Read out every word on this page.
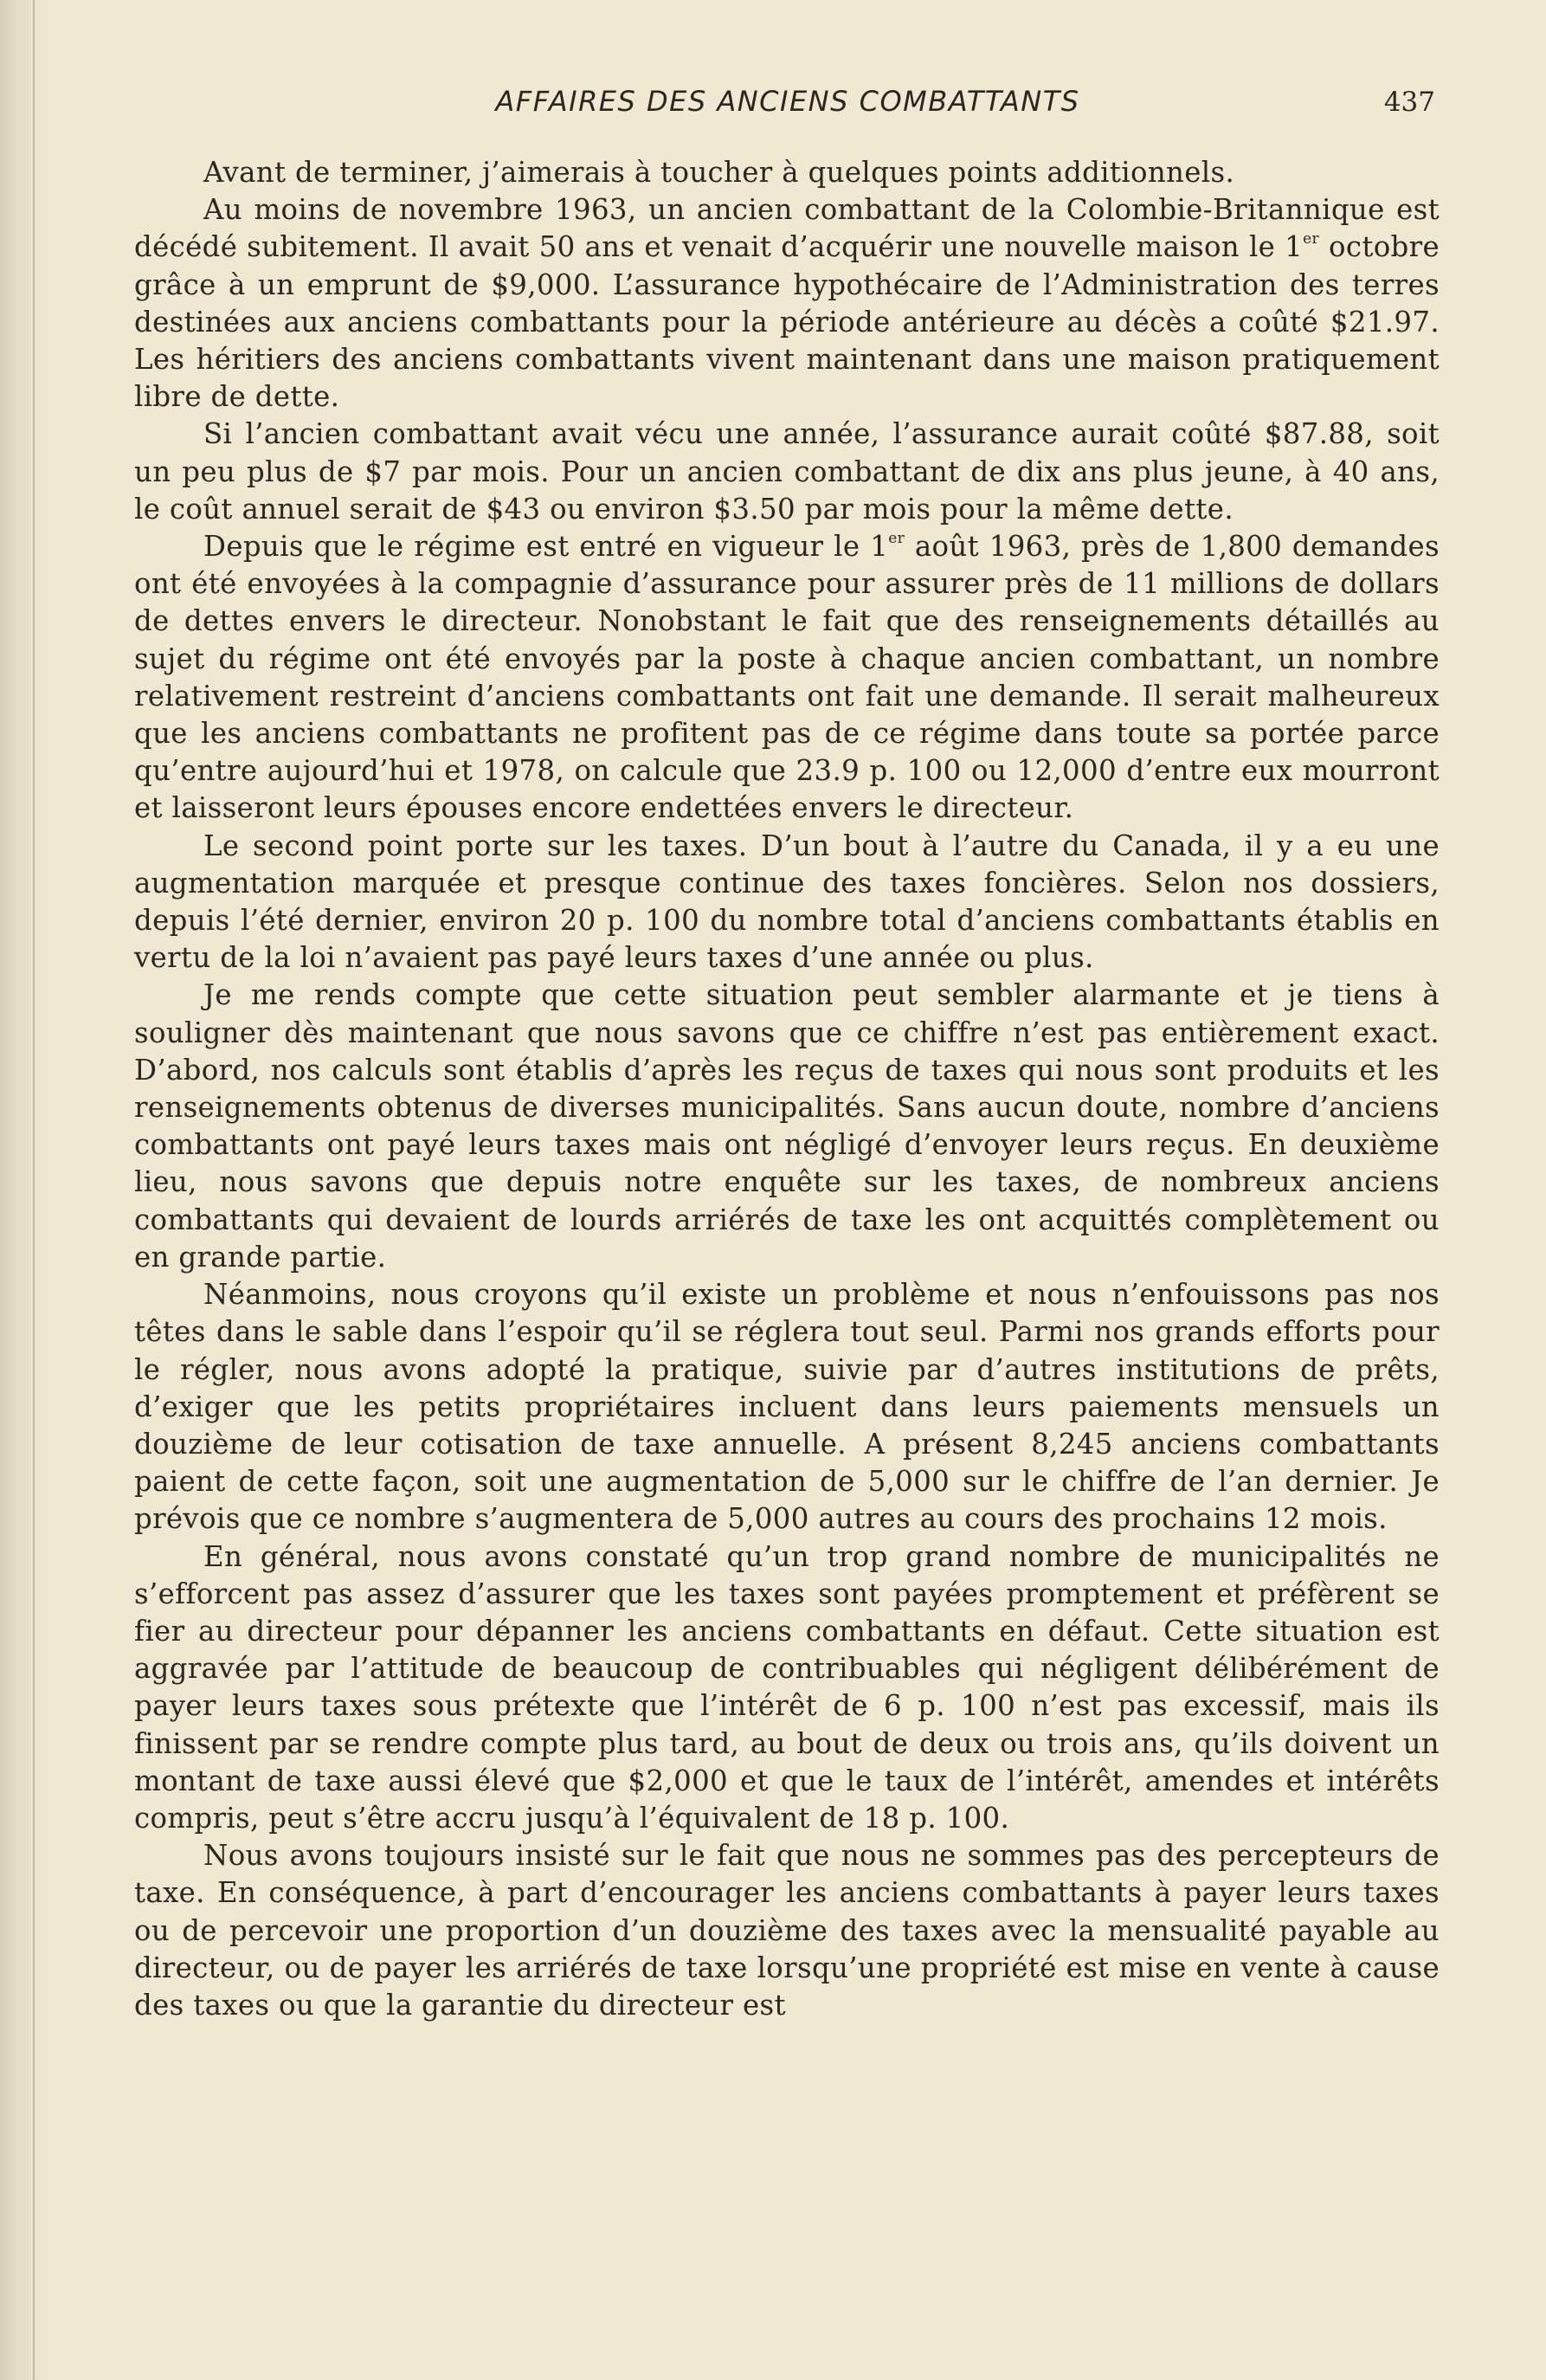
AFFAIRES DES ANCIENS COMBATTANTS	437

Avant de terminer, j’aimerais à toucher à quelques points additionnels.

Au moins de novembre 1963, un ancien combattant de la Colombie-Britannique est décédé subitement. Il avait 50 ans et venait d’acquérir une nouvelle maison le 1er octobre grâce à un emprunt de $9,000. L’assurance hypothécaire de l’Administration des terres destinées aux anciens combattants pour la période antérieure au décès a coûté $21.97. Les héritiers des anciens combattants vivent maintenant dans une maison pratiquement libre de dette.

Si l’ancien combattant avait vécu une année, l’assurance aurait coûté $87.88, soit un peu plus de $7 par mois. Pour un ancien combattant de dix ans plus jeune, à 40 ans, le coût annuel serait de $43 ou environ $3.50 par mois pour la même dette.

Depuis que le régime est entré en vigueur le 1er août 1963, près de 1,800 demandes ont été envoyées à la compagnie d’assurance pour assurer près de 11 millions de dollars de dettes envers le directeur. Nonobstant le fait que des renseignements détaillés au sujet du régime ont été envoyés par la poste à chaque ancien combattant, un nombre relativement restreint d’anciens combattants ont fait une demande. Il serait malheureux que les anciens combattants ne profitent pas de ce régime dans toute sa portée parce qu’entre aujourd’hui et 1978, on calcule que 23.9 p. 100 ou 12,000 d’entre eux mourront et laisseront leurs épouses encore endettées envers le directeur.

Le second point porte sur les taxes. D’un bout à l’autre du Canada, il y a eu une augmentation marquée et presque continue des taxes foncières. Selon nos dossiers, depuis l’été dernier, environ 20 p. 100 du nombre total d’anciens combattants établis en vertu de la loi n’avaient pas payé leurs taxes d’une année ou plus.

Je me rends compte que cette situation peut sembler alarmante et je tiens à souligner dès maintenant que nous savons que ce chiffre n’est pas entièrement exact. D’abord, nos calculs sont établis d’après les reçus de taxes qui nous sont produits et les renseignements obtenus de diverses municipalités. Sans aucun doute, nombre d’anciens combattants ont payé leurs taxes mais ont négligé d’envoyer leurs reçus. En deuxième lieu, nous savons que depuis notre enquête sur les taxes, de nombreux anciens combattants qui devaient de lourds arriérés de taxe les ont acquittés complètement ou en grande partie.

Néanmoins, nous croyons qu’il existe un problème et nous n’enfouissons pas nos têtes dans le sable dans l’espoir qu’il se réglera tout seul. Parmi nos grands efforts pour le régler, nous avons adopté la pratique, suivie par d’autres institutions de prêts, d’exiger que les petits propriétaires incluent dans leurs paiements mensuels un douzième de leur cotisation de taxe annuelle. A présent 8,245 anciens combattants paient de cette façon, soit une augmentation de 5,000 sur le chiffre de l’an dernier. Je prévois que ce nombre s’augmentera de 5,000 autres au cours des prochains 12 mois.

En général, nous avons constaté qu’un trop grand nombre de municipalités ne s’efforcent pas assez d’assurer que les taxes sont payées promptement et préfèrent se fier au directeur pour dépanner les anciens combattants en défaut. Cette situation est aggravée par l’attitude de beaucoup de contribuables qui négligent délibérément de payer leurs taxes sous prétexte que l’intérêt de 6 p. 100 n’est pas excessif, mais ils finissent par se rendre compte plus tard, au bout de deux ou trois ans, qu’ils doivent un montant de taxe aussi élevé que $2,000 et que le taux de l’intérêt, amendes et intérêts compris, peut s’être accru jusqu’à l’équivalent de 18 p. 100.

Nous avons toujours insisté sur le fait que nous ne sommes pas des percepteurs de taxe. En conséquence, à part d’encourager les anciens combattants à payer leurs taxes ou de percevoir une proportion d’un douzième des taxes avec la mensualité payable au directeur, ou de payer les arriérés de taxe lorsqu’une propriété est mise en vente à cause des taxes ou que la garantie du directeur est
